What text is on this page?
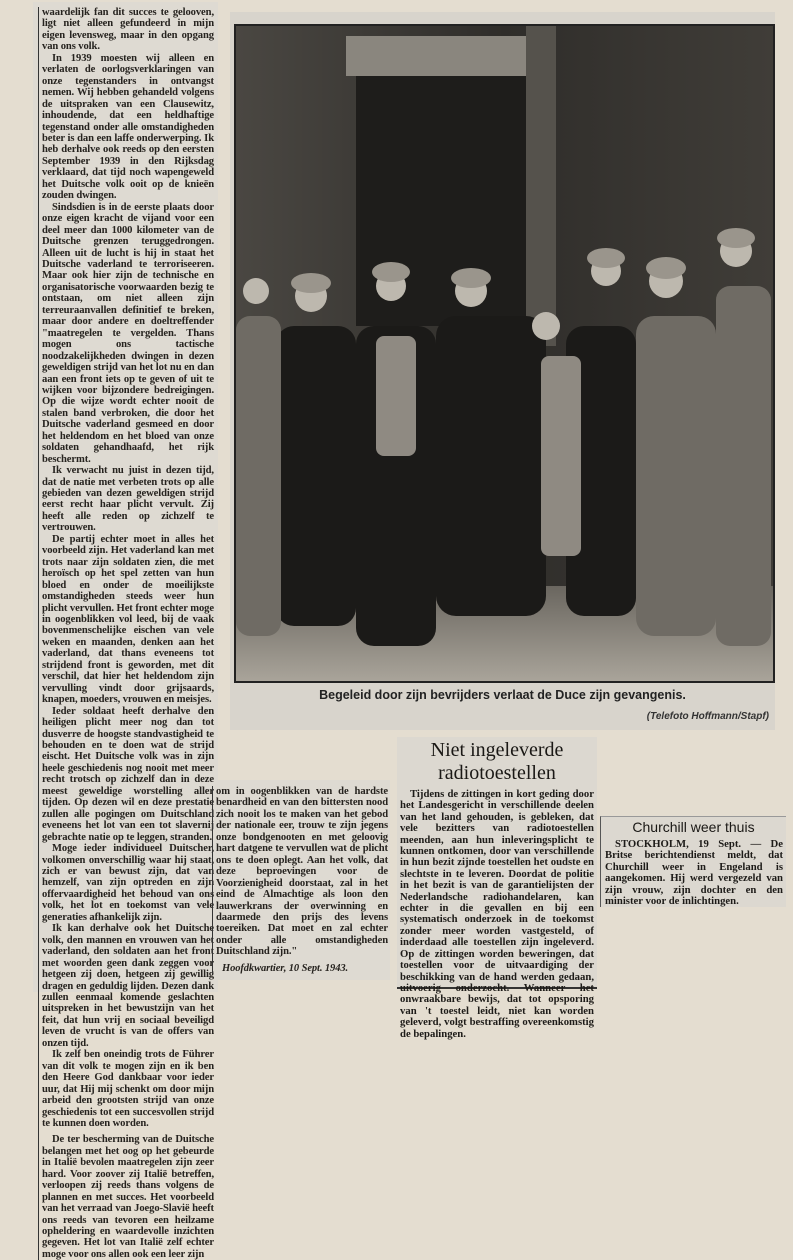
waardelijk fan dit succes te gelooven, ligt niet alleen gefundeerd in mijn eigen levensweg, maar in den opgang van ons volk.

In 1939 moesten wij alleen en verlaten de oorlogsverklaringen van onze tegenstanders in ontvangst nemen. Wij hebben gehandeld volgens de uitspraken van een Clausewitz, inhoudende, dat een heldhaftige tegenstand onder alle omstandigheden beter is dan een laffe onderwerping. Ik heb derhalve ook reeds op den eersten September 1939 in den Rijksdag verklaard, dat tijd noch wapengeweld het Duitsche volk ooit op de knieën zouden dwingen.

Sindsdien is in de eerste plaats door onze eigen kracht de vijand voor een deel meer dan 1000 kilometer van de Duitsche grenzen teruggedrongen. Alleen uit de lucht is hij in staat het Duitsche vaderland te terroriseeren. Maar ook hier zijn de technische en organisatorische voorwaarden bezig te ontstaan, om niet alleen zijn terreuraanvallen definitief te breken, maar door andere en doeltreffender "maatregelen te vergelden. Thans mogen ons tactische noodzakelijkheden dwingen in dezen geweldigen strijd van het lot nu en dan aan een front iets op te geven of uit te wijken voor bijzondere bedreigingen. Op die wijze wordt echter nooit de stalen band verbroken, die door het Duitsche vaderland gesmeed en door het heldendom en het bloed van onze soldaten gehandhaafd, het rijk beschermt.

Ik verwacht nu juist in dezen tijd, dat de natie met verbeten trots op alle gebieden van dezen geweldigen strijd eerst recht haar plicht vervult. Zij heeft alle reden op zichzelf te vertrouwen.

De partij echter moet in alles het voorbeeld zijn. Het vaderland kan met trots naar zijn soldaten zien, die met heroïsch op het spel zetten van hun bloed en onder de moeilijkste omstandigheden steeds weer hun plicht vervullen. Het front echter moge in oogenblikken vol leed, bij de vaak bovenmenschelijke eischen van vele weken en maanden, denken aan het vaderland, dat thans eveneens tot strijdend front is geworden, met dit verschil, dat hier het heldendom zijn vervulling vindt door grijsaards, knapen, moeders, vrouwen en meisjes.

Ieder soldaat heeft derhalve den heiligen plicht meer nog dan tot dusverre de hoogste standvastigheid te behouden en te doen wat de strijd eischt. Het Duitsche volk was in zijn heele geschiedenis nog nooit met meer recht trotsch op zichzelf dan in deze meest geweldige worstelling aller tijden. Op dezen wil en deze prestatie zullen alle pogingen om Duitschland eveneens het lot van een tot slavernij gebrachte natie op te leggen, stranden.

Moge ieder individueel Duitscher, volkomen onverschillig waar hij staat, zich er van bewust zijn, dat van hemzelf, van zijn optreden en zijn offervaardigheid het behoud van ons volk, het lot en toekomst van vele generaties afhankelijk zijn.

Ik kan derhalve ook het Duitsche volk, den mannen en vrouwen van het vaderland, den soldaten aan het front met woorden geen dank zeggen voor hetgeen zij doen, hetgeen zij gewillig dragen en geduldig lijden. Dezen dank zullen eenmaal komende geslachten uitspreken in het bewustzijn van het feit, dat hun vrij en sociaal beveiligd leven de vrucht is van de offers van onzen tijd.

Ik zelf ben oneindig trots de Führer van dit volk te mogen zijn en ik ben den Heere God dankbaar voor ieder uur, dat Hij mij schenkt om door mijn arbeid den grootsten strijd van onze geschiedenis tot een succesvollen strijd te kunnen doen worden.

De ter bescherming van de Duitsche belangen met het oog op het gebeurde in Italië bevolen maatregelen zijn zeer hard. Voor zoover zij Italië betreffen, verloopen zij reeds thans volgens de plannen en met succes. Het voorbeeld van het verraad van Joego-Slavië heeft ons reeds van tevoren een heilzame opheldering en waardevolle inzichten gegeven. Het lot van Italië zelf echter moge voor ons allen ook een leer zijn

om in oogenblikken van de hardste benardheid en van den bittersten nood zich nooit los te maken van het gebod der nationale eer, trouw te zijn jegens onze bondgenooten en met geloovig hart datgene te vervullen wat de plicht ons te doen oplegt. Aan het volk, dat deze beproevingen voor de Voorzienigheid doorstaat, zal in het eind de Almachtige als loon den lauwerkrans der overwinning en daarmede den prijs des levens toereiken. Dat moet en zal echter onder alle omstandigheden Duitschland zijn."

Hoofdkwartier, 10 Sept. 1943.

Begeleid door zijn bevrijders verlaat de Duce zijn gevangenis.
(Telefoto Hoffmann/Stapf)
Niet ingeleverde radiotoestellen

Tijdens de zittingen in kort geding door het Landesgericht in verschillende deelen van het land gehouden, is gebleken, dat vele bezitters van radiotoestellen meenden, aan hun inleveringsplicht te kunnen ontkomen, door van verschillende in hun bezit zijnde toestellen het oudste en slechtste in te leveren. Doordat de politie in het bezit is van de garantielijsten der Nederlandsche radiohandelaren, kan echter in die gevallen en bij een systematisch onderzoek in de toekomst zonder meer worden vastgesteld, of inderdaad alle toestellen zijn ingeleverd. Op de zittingen worden beweringen, dat toestellen voor de uitvaardiging der beschikking van de hand werden gedaan, uitvoerig onderzocht. Wanneer het onwraakbare bewijs, dat tot opsporing van 't toestel leidt, niet kan worden geleverd, volgt bestraffing overeenkomstig de bepalingen.

Churchill weer thuis

STOCKHOLM, 19 Sept. — De Britse berichtendienst meldt, dat Churchill weer in Engeland is aangekomen. Hij werd vergezeld van zijn vrouw, zijn dochter en den minister voor de inlichtingen.
